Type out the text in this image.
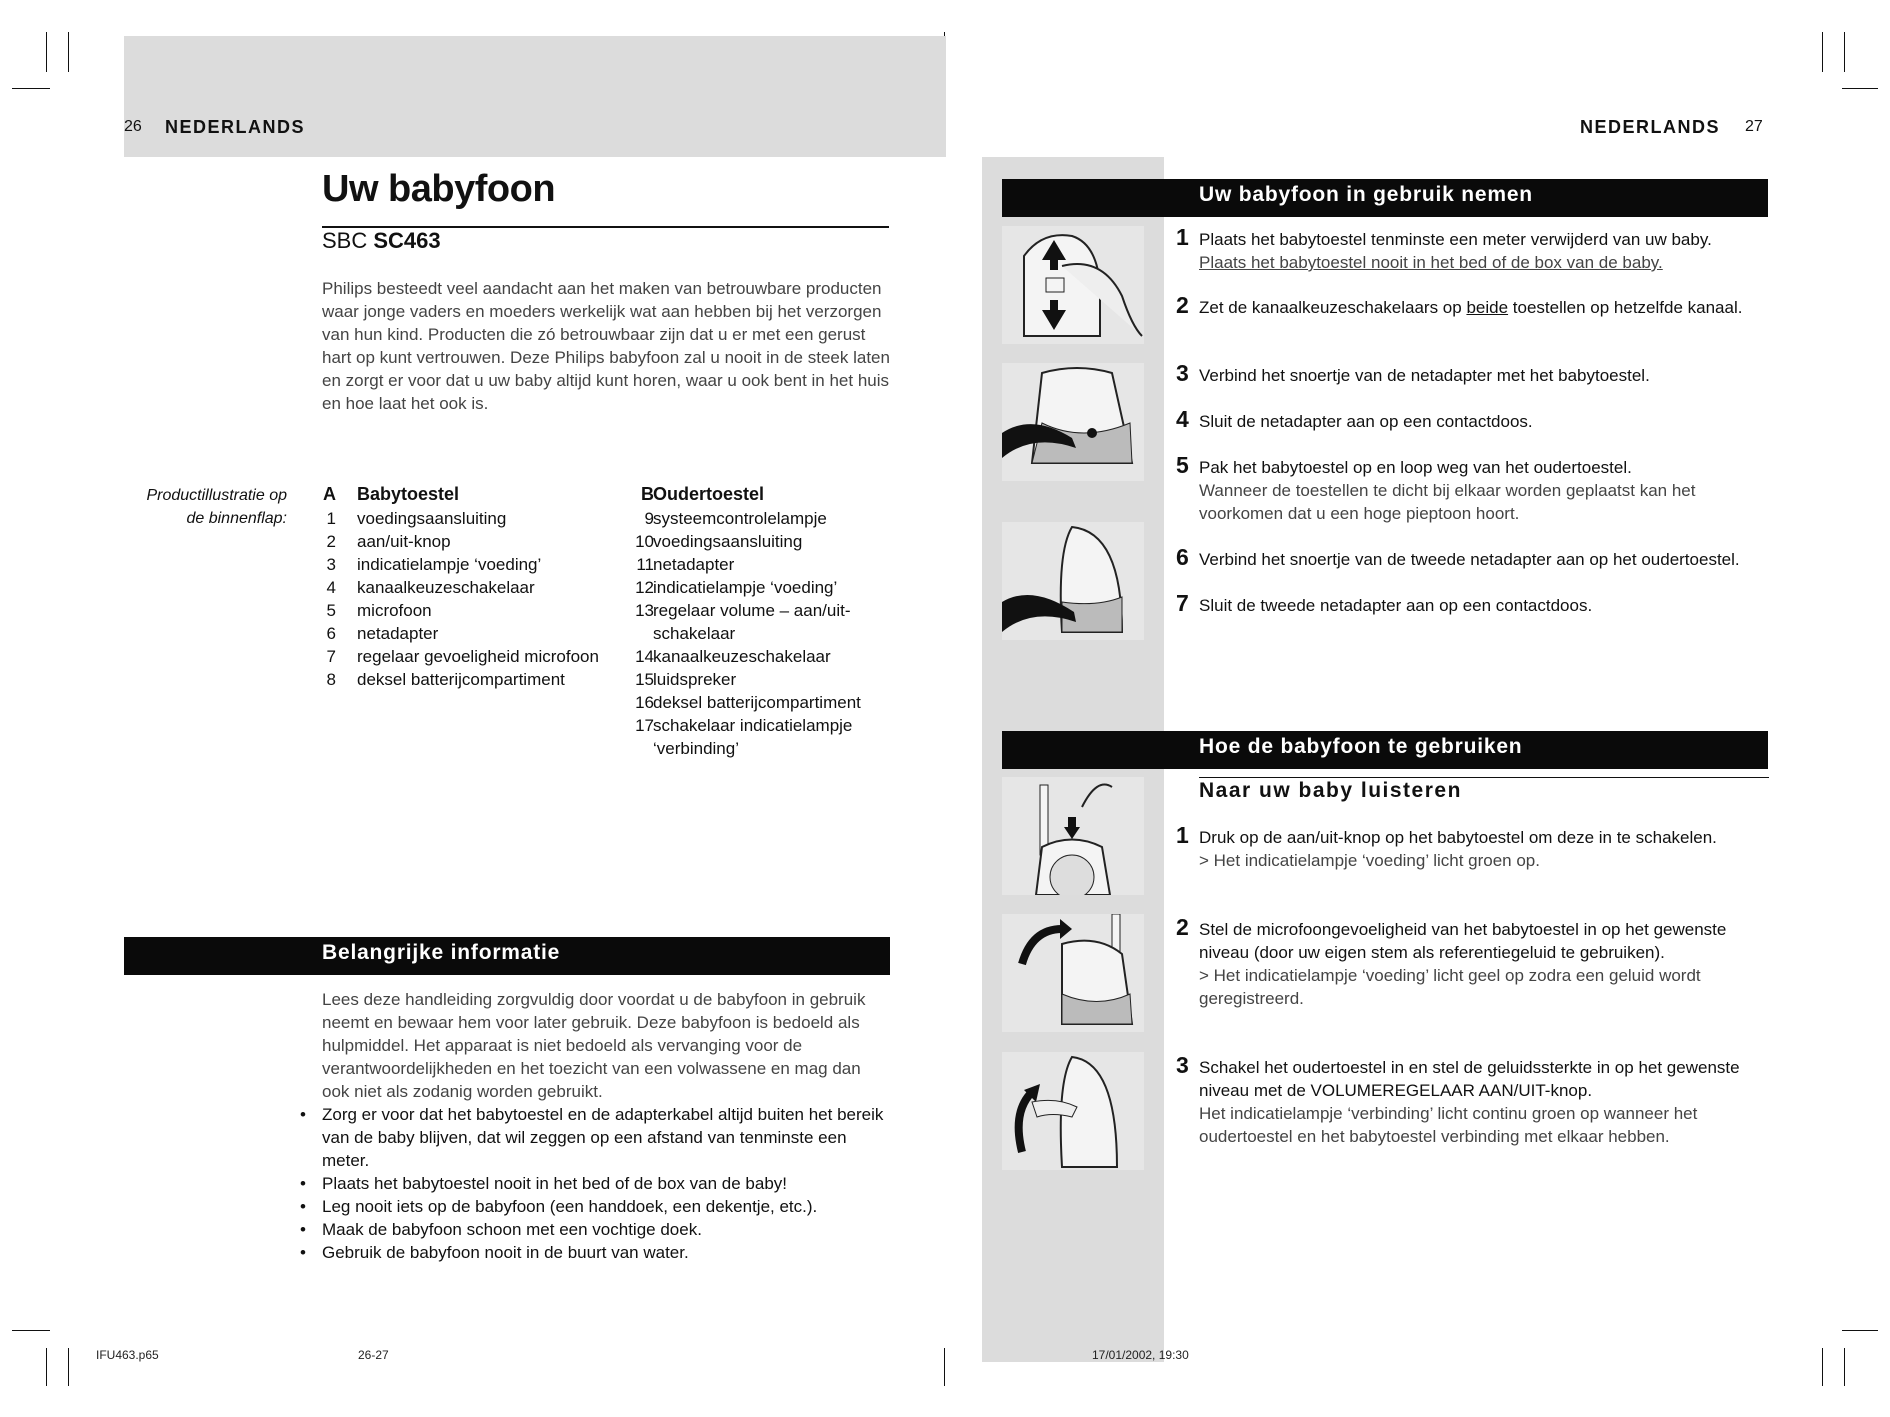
26 NEDERLANDS
Uw babyfoon
SBC SC463
Philips besteedt veel aandacht aan het maken van betrouwbare producten waar jonge vaders en moeders werkelijk wat aan hebben bij het verzorgen van hun kind. Producten die zó betrouwbaar zijn dat u er met een gerust hart op kunt vertrouwen. Deze Philips babyfoon zal u nooit in de steek laten en zorgt er voor dat u uw baby altijd kunt horen, waar u ook bent in het huis en hoe laat het ook is.
Productillustratie op
de binnenflap:
A Babytoestel
1 voedingsaansluiting
2 aan/uit-knop
3 indicatielampje ‘voeding’
4 kanaalkeuzeschakelaar
5 microfoon
6 netadapter
7 regelaar gevoeligheid microfoon
8 deksel batterijcompartiment
B Oudertoestel
9 systeemcontrolelampje
10 voedingsaansluiting
11 netadapter
12 indicatielampje ‘voeding’
13 regelaar volume – aan/uit-
schakelaar
14 kanaalkeuzeschakelaar
15 luidspreker
16 deksel batterijcompartiment
17 schakelaar indicatielampje
‘verbinding’
Belangrijke informatie
Lees deze handleiding zorgvuldig door voordat u de babyfoon in gebruik neemt en bewaar hem voor later gebruik. Deze babyfoon is bedoeld als hulpmiddel. Het apparaat is niet bedoeld als vervanging voor de verantwoordelijkheden en het toezicht van een volwassene en mag dan ook niet als zodanig worden gebruikt.
• Zorg er voor dat het babytoestel en de adapterkabel altijd buiten het bereik van de baby blijven, dat wil zeggen op een afstand van tenminste een meter.
• Plaats het babytoestel nooit in het bed of de box van de baby!
• Leg nooit iets op de babyfoon (een handdoek, een dekentje, etc.).
• Maak de babyfoon schoon met een vochtige doek.
• Gebruik de babyfoon nooit in de buurt van water.
NEDERLANDS 27
Uw babyfoon in gebruik nemen
1 Plaats het babytoestel tenminste een meter verwijderd van uw baby.
Plaats het babytoestel nooit in het bed of de box van de baby.
2 Zet de kanaalkeuzeschakelaars op beide toestellen op hetzelfde kanaal.
3 Verbind het snoertje van de netadapter met het babytoestel.
4 Sluit de netadapter aan op een contactdoos.
5 Pak het babytoestel op en loop weg van het oudertoestel.
Wanneer de toestellen te dicht bij elkaar worden geplaatst kan het voorkomen dat u een hoge pieptoon hoort.
6 Verbind het snoertje van de tweede netadapter aan op het oudertoestel.
7 Sluit de tweede netadapter aan op een contactdoos.
Hoe de babyfoon te gebruiken
Naar uw baby luisteren
1 Druk op de aan/uit-knop op het babytoestel om deze in te schakelen.
> Het indicatielampje ‘voeding’ licht groen op.
2 Stel de microfoongevoeligheid van het babytoestel in op het gewenste niveau (door uw eigen stem als referentiegeluid te gebruiken).
> Het indicatielampje ‘voeding’ licht geel op zodra een geluid wordt geregistreerd.
3 Schakel het oudertoestel in en stel de geluidssterkte in op het gewenste niveau met de VOLUMEREGELAAR AAN/UIT-knop.
Het indicatielampje ‘verbinding’ licht continu groen op wanneer het oudertoestel en het babytoestel verbinding met elkaar hebben.
IFU463.p65	26-27	17/01/2002, 19:30
